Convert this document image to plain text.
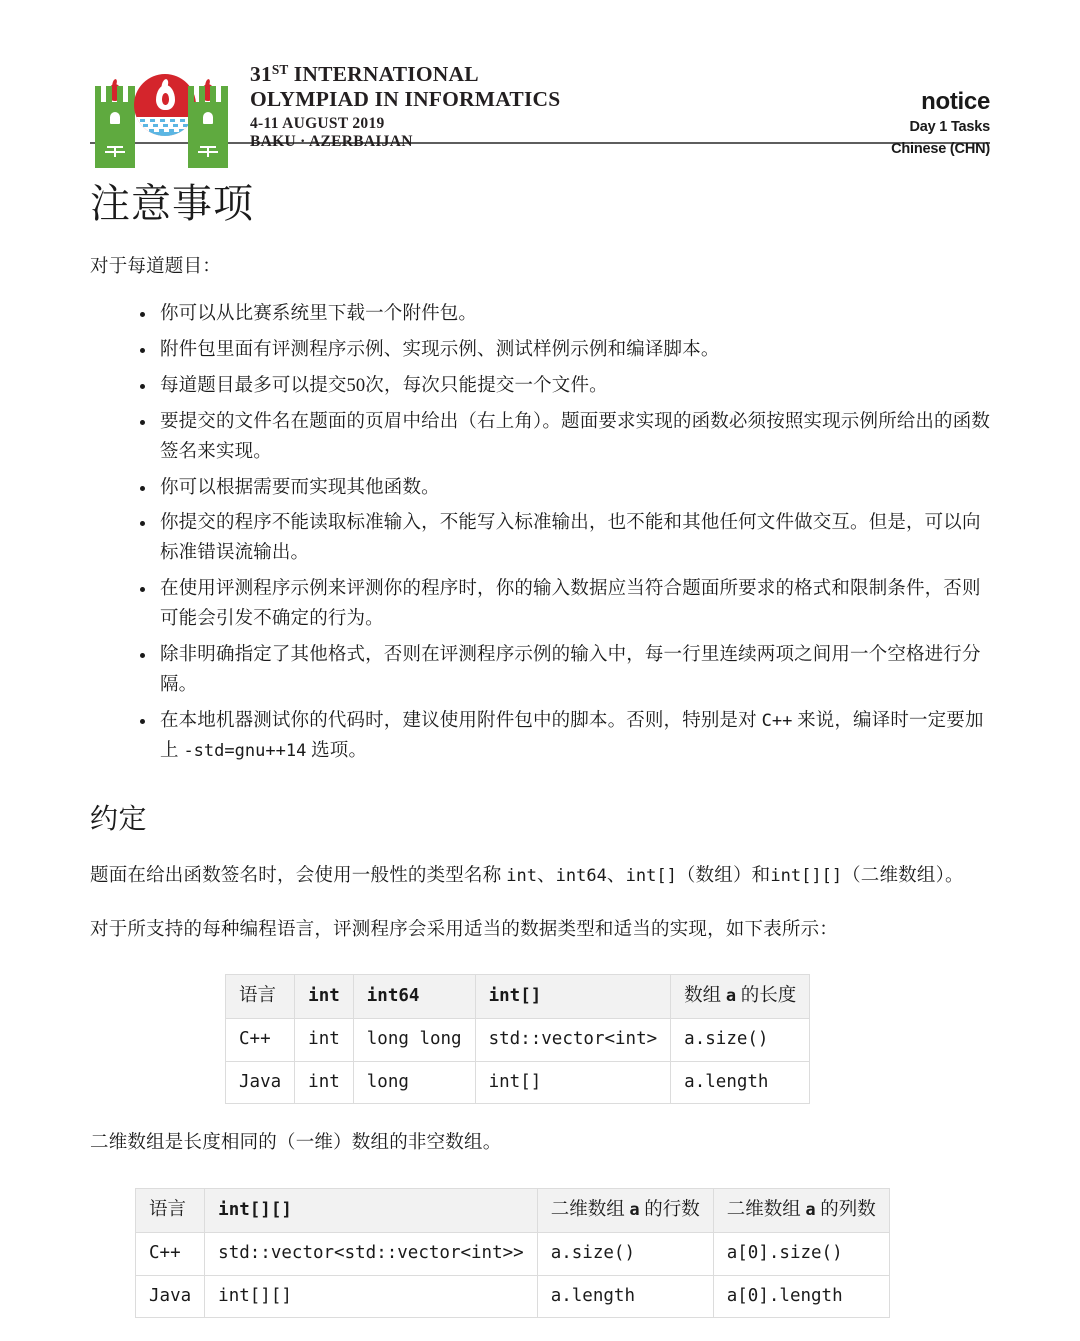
31ST INTERNATIONAL
OLYMPIAD IN INFORMATICS
4-11 AUGUST 2019
BAKU · AZERBAIJAN
notice
Day 1 Tasks
Chinese (CHN)
注意事项

对于每道题目：

你可以从比赛系统里下载一个附件包。
附件包里面有评测程序示例、实现示例、测试样例示例和编译脚本。
每道题目最多可以提交50次，每次只能提交一个文件。
要提交的文件名在题面的页眉中给出（右上角）。题面要求实现的函数必须按照实现示例所给出的函数签名来实现。
你可以根据需要而实现其他函数。
你提交的程序不能读取标准输入，不能写入标准输出，也不能和其他任何文件做交互。但是，可以向标准错误流输出。
在使用评测程序示例来评测你的程序时，你的输入数据应当符合题面所要求的格式和限制条件，否则可能会引发不确定的行为。
除非明确指定了其他格式，否则在评测程序示例的输入中，每一行里连续两项之间用一个空格进行分隔。
在本地机器测试你的代码时，建议使用附件包中的脚本。否则，特别是对 C++ 来说，编译时一定要加上 -std=gnu++14 选项。
约定

题面在给出函数签名时，会使用一般性的类型名称 int、int64、int[]（数组）和int[][]（二维数组）。

对于所支持的每种编程语言，评测程序会采用适当的数据类型和适当的实现，如下表所示：

语言	int	int64	int[]	数组 a 的长度
C++	int	long long	std::vector<int>	a.size()
Java	int	long	int[]	a.length

二维数组是长度相同的（一维）数组的非空数组。

语言	int[][]	二维数组 a 的行数	二维数组 a 的列数
C++	std::vector<std::vector<int>>	a.size()	a[0].size()
Java	int[][]	a.length	a[0].length
